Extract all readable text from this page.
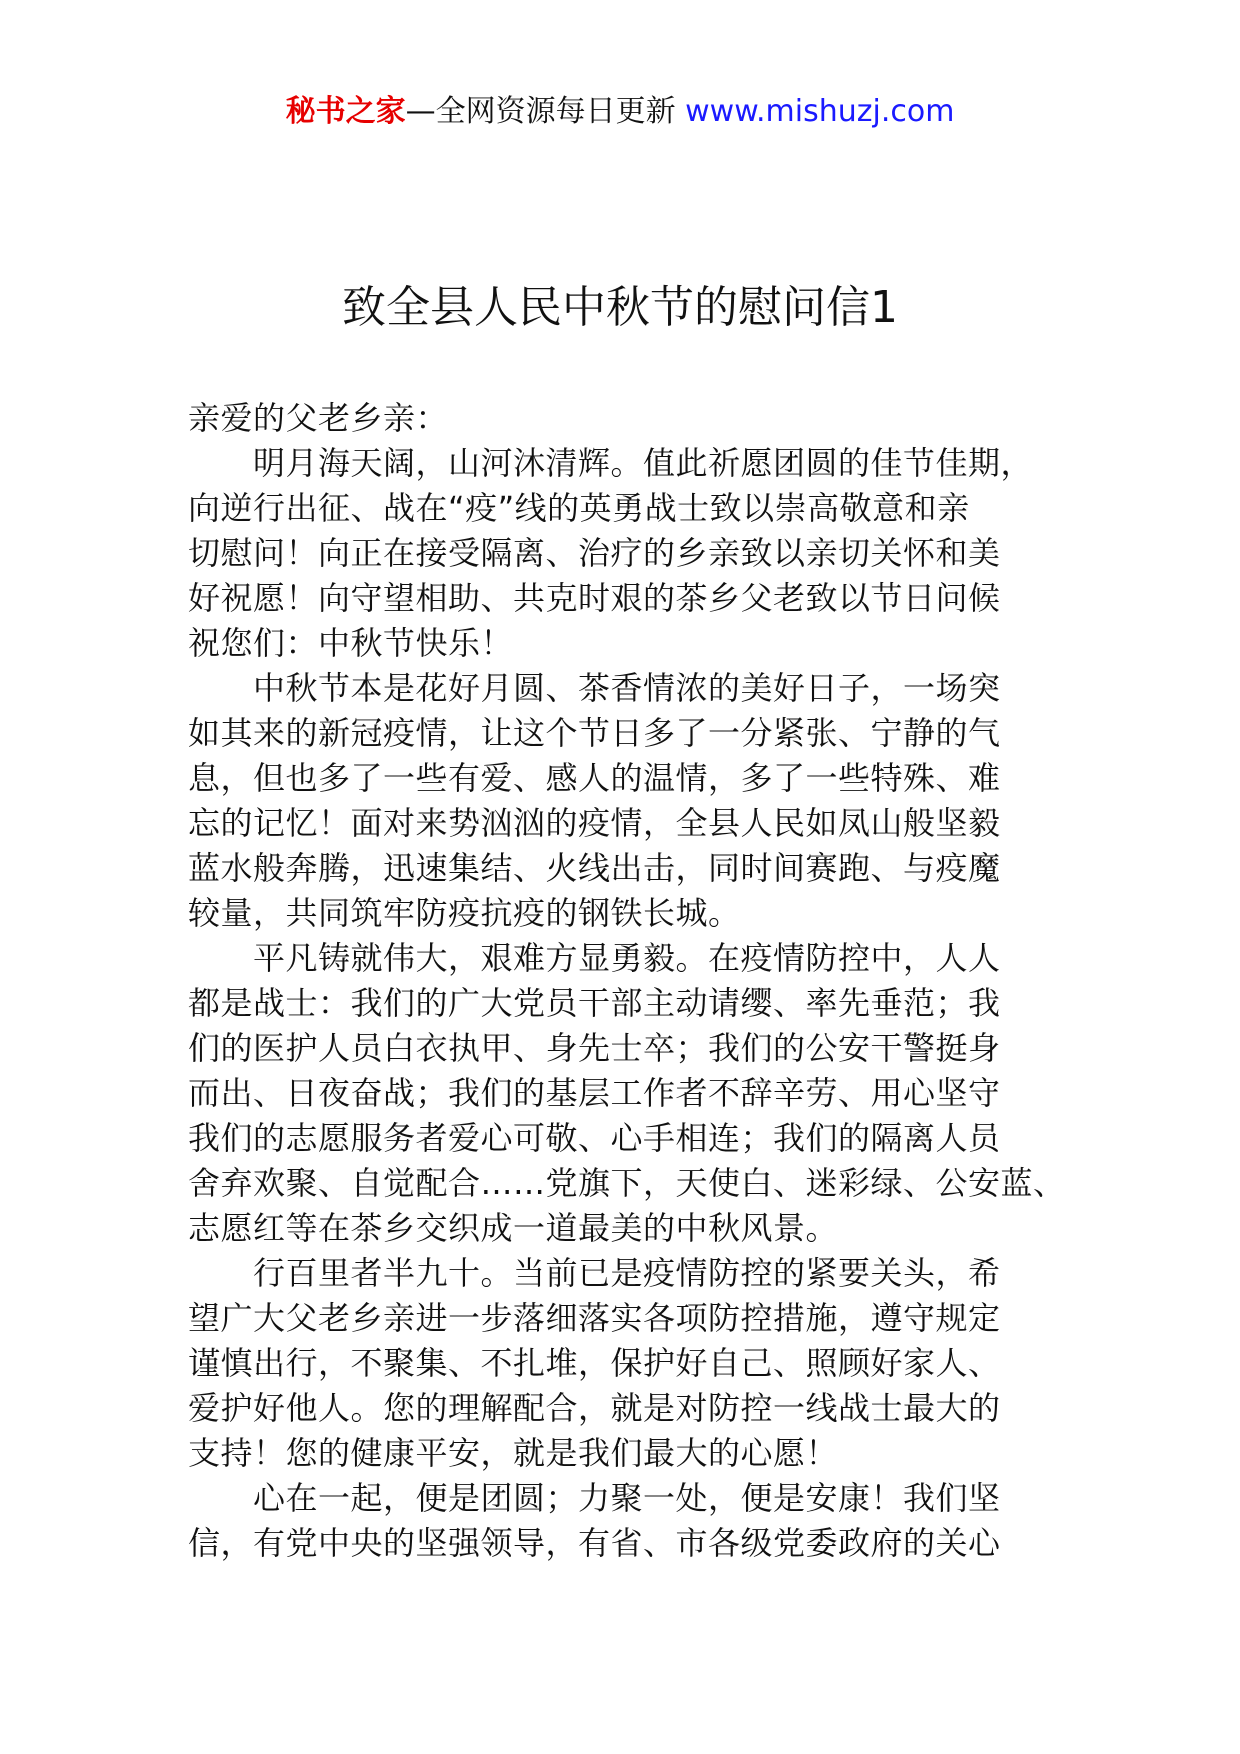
秘书之家—全网资源每日更新 www.mishuzj.com
致全县人民中秋节的慰问信1
亲爱的父老乡亲：
　　明月海天阔，山河沐清辉。值此祈愿团圆的佳节佳期，
向逆行出征、战在“疫”线的英勇战士致以崇高敬意和亲
切慰问！向正在接受隔离、治疗的乡亲致以亲切关怀和美
好祝愿！向守望相助、共克时艰的茶乡父老致以节日问候
祝您们：中秋节快乐！
　　中秋节本是花好月圆、茶香情浓的美好日子，一场突
如其来的新冠疫情，让这个节日多了一分紧张、宁静的气
息，但也多了一些有爱、感人的温情，多了一些特殊、难
忘的记忆！面对来势汹汹的疫情，全县人民如凤山般坚毅
蓝水般奔腾，迅速集结、火线出击，同时间赛跑、与疫魔
较量，共同筑牢防疫抗疫的钢铁长城。
　　平凡铸就伟大，艰难方显勇毅。在疫情防控中，人人
都是战士：我们的广大党员干部主动请缨、率先垂范；我
们的医护人员白衣执甲、身先士卒；我们的公安干警挺身
而出、日夜奋战；我们的基层工作者不辞辛劳、用心坚守
我们的志愿服务者爱心可敬、心手相连；我们的隔离人员
舍弃欢聚、自觉配合……党旗下，天使白、迷彩绿、公安蓝、
志愿红等在茶乡交织成一道最美的中秋风景。
　　行百里者半九十。当前已是疫情防控的紧要关头，希
望广大父老乡亲进一步落细落实各项防控措施，遵守规定
谨慎出行，不聚集、不扎堆，保护好自己、照顾好家人、
爱护好他人。您的理解配合，就是对防控一线战士最大的
支持！您的健康平安，就是我们最大的心愿！
　　心在一起，便是团圆；力聚一处，便是安康！我们坚
信，有党中央的坚强领导，有省、市各级党委政府的关心
